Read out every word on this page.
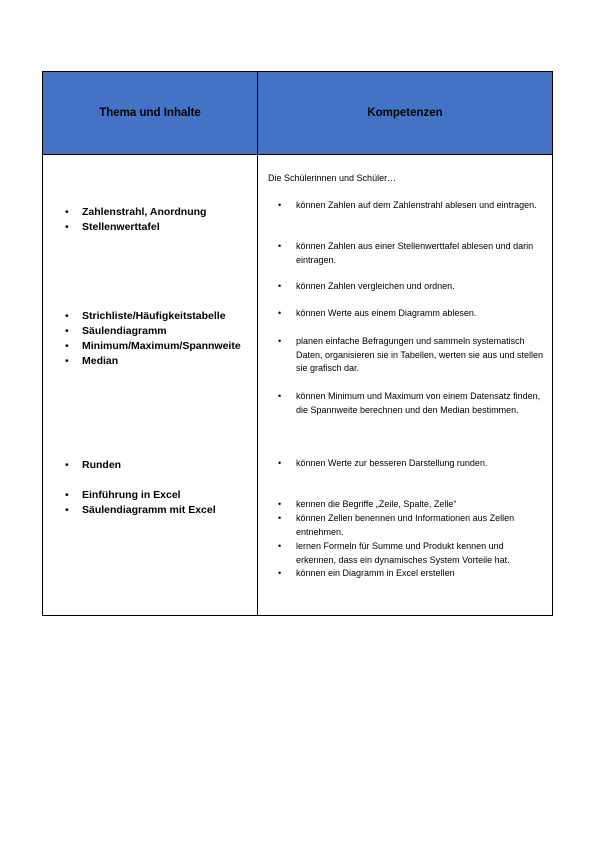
Thema und Inhalte	Kompetenzen
• Zahlenstrahl, Anordnung
• Stellenwerttafel
• Strichliste/Häufigkeitstabelle
• Säulendiagramm
• Minimum/Maximum/Spannweite
• Median
• Runden
• Einführung in Excel
• Säulendiagramm mit Excel
Die Schülerinnen und Schüler…
• können Zahlen auf dem Zahlenstrahl ablesen und eintragen.
• können Zahlen aus einer Stellenwerttafel ablesen und darin eintragen.
• können Zahlen vergleichen und ordnen.
• können Werte aus einem Diagramm ablesen.
• planen einfache Befragungen und sammeln systematisch Daten, organisieren sie in Tabellen, werten sie aus und stellen sie grafisch dar.
• können Minimum und Maximum von einem Datensatz finden, die Spannweite berechnen und den Median bestimmen.
• können Werte zur besseren Darstellung runden.
• kennen die Begriffe „Zeile, Spalte, Zelle“
• können Zellen benennen und Informationen aus Zellen entnehmen.
• lernen Formeln für Summe und Produkt kennen und erkennen, dass ein dynamisches System Vorteile hat.
• können ein Diagramm in Excel erstellen
